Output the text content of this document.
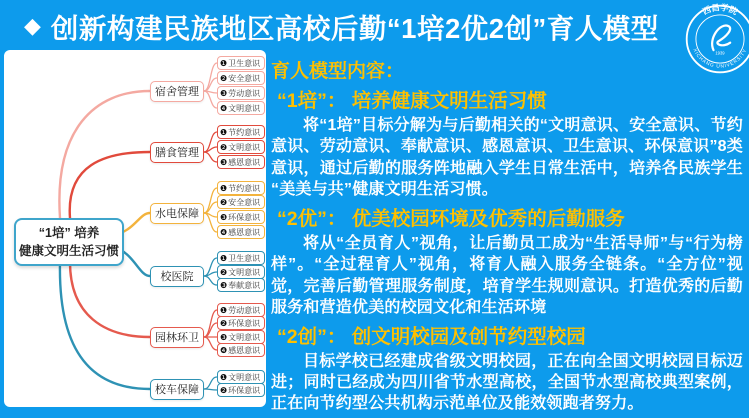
◆ 创新构建民族地区高校后勤“1培2优2创”育人模型
西昌学院
XICHANG UNIVERSITY
1939
“1培” 培养
健康文明生活习惯
宿舍管理
❶ 卫生意识
❷ 安全意识
❸ 劳动意识
❹ 文明意识
膳食管理
❶ 节约意识
❷ 文明意识
❸ 感恩意识
水电保障
❶ 节约意识
❷ 安全意识
❸ 环保意识
❹ 感恩意识
校医院
❶ 卫生意识
❷ 文明意识
❸ 奉献意识
园林环卫
❶ 劳动意识
❷ 环保意识
❸ 文明意识
❹ 感恩意识
校车保障
❶ 文明意识
❷ 环保意识
育人模型内容：
“1培”： 培养健康文明生活习惯

将“1培”目标分解为与后勤相关的“文明意识、安全意识、节约意识、劳动意识、奉献意识、感恩意识、卫生意识、环保意识”8类意识，通过后勤的服务阵地融入学生日常生活中，培养各民族学生“美美与共”健康文明生活习惯。

“2优”： 优美校园环境及优秀的后勤服务

将从“全员育人”视角，让后勤员工成为“生活导师”与“行为榜样”。“全过程育人”视角，将育人融入服务全链条。“全方位”视觉，完善后勤管理服务制度，培育学生规则意识。打造优秀的后勤服务和营造优美的校园文化和生活环境

“2创”： 创文明校园及创节约型校园

目标学校已经建成省级文明校园，正在向全国文明校园目标迈进；同时已经成为四川省节水型高校，全国节水型高校典型案例，正在向节约型公共机构示范单位及能效领跑者努力。
